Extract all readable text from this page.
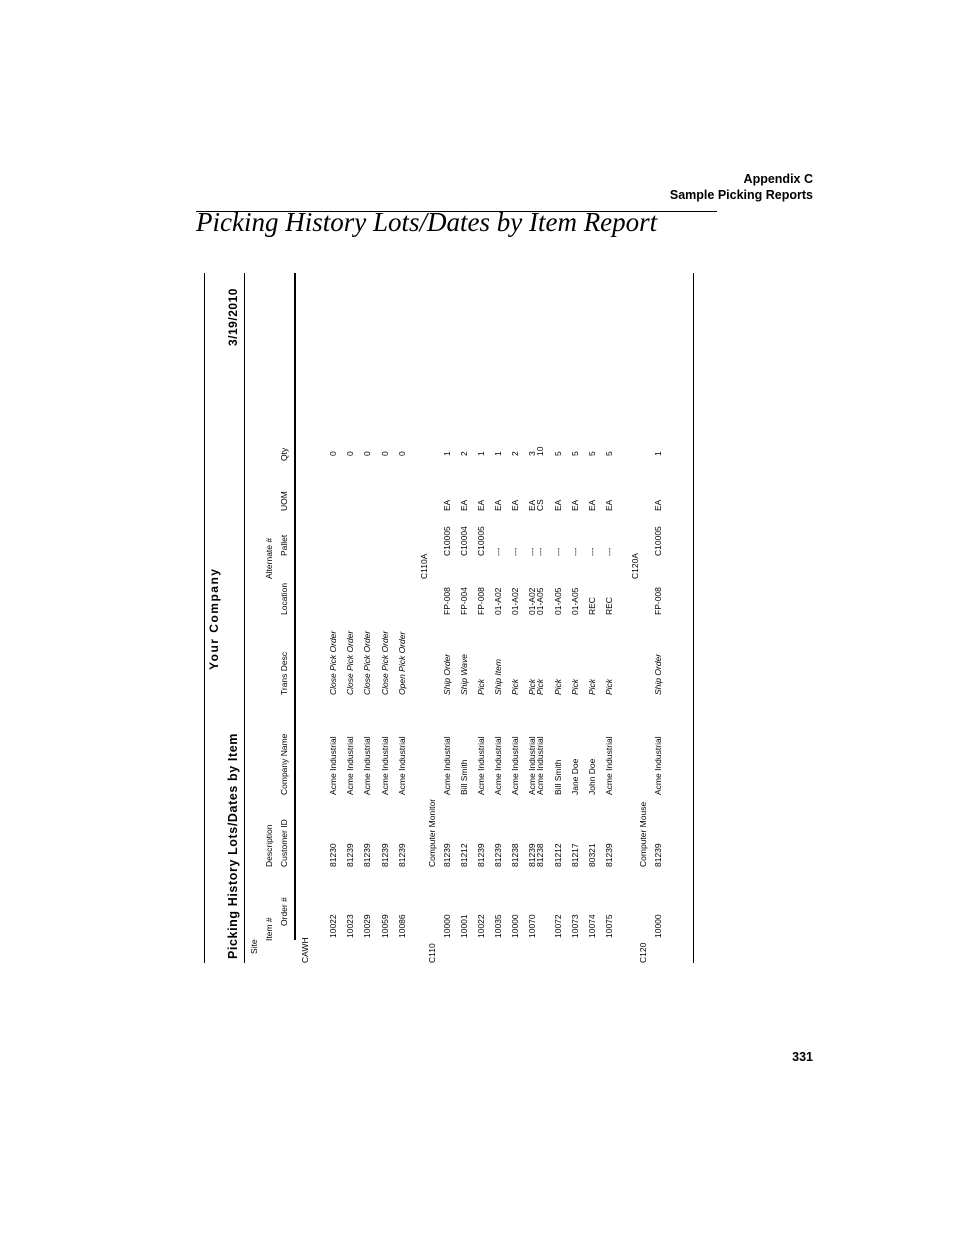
Appendix C
Sample Picking Reports
Picking History Lots/Dates by Item Report
Your Company
Picking History Lots/Dates by Item
3/19/2010
Site
Item #
Order #
Description Customer ID
Company Name
Trans Desc
Alternate #
Location
Pallet
UOM
Qty
CAWH
10022
81230
Acme Industrial
Close Pick Order
0
10023
81239
Acme Industrial
Close Pick Order
0
10029
81239
Acme Industrial
Close Pick Order
0
10059
81239
Acme Industrial
Close Pick Order
0
10086
81239
Acme Industrial
Open Pick Order
0
C110
Computer Monitor
C110A
10000
81239
Acme Industrial
Ship Order
FP-008
C10005
EA
1
10001
81212
Bill Smith
Ship Wave
FP-004
C10004
EA
2
10022
81239
Acme Industrial
Pick
FP-008
C10005
EA
1
10035
81239
Acme Industrial
Ship Item
01-A02
---
EA
1
10000
81238
Acme Industrial
Pick
01-A02
---
EA
2
10070
81239
Acme Industrial
Pick
01-A02
---
EA
3
81238
Acme Industrial
Pick
01-A05
---
CS
10
10072
81212
Bill Smith
Pick
01-A05
---
EA
5
10073
81217
Jane Doe
Pick
01-A05
---
EA
5
10074
80321
John Doe
Pick
REC
---
EA
5
10075
81239
Acme Industrial
Pick
REC
---
EA
5
C120
Computer Mouse
C120A
10000
81239
Acme Industrial
Ship Order
FP-008
C10005
EA
1
331
